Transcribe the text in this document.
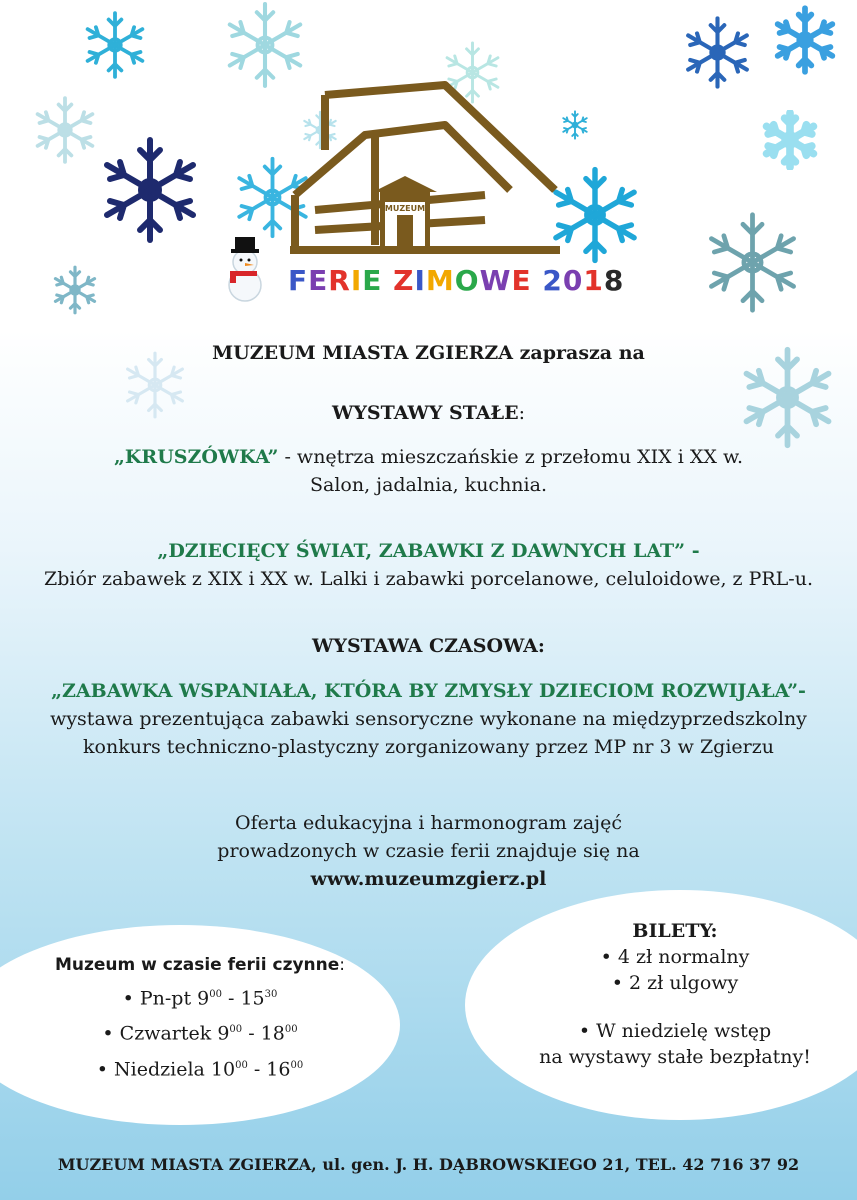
MUZEUM
FERIE ZIMOWE 2018
MUZEUM MIASTA ZGIERZA zaprasza na
WYSTAWY STAŁE:
„KRUSZÓWKA” - wnętrza mieszczańskie z przełomu XIX i XX w.
Salon, jadalnia, kuchnia.
„DZIECIĘCY ŚWIAT, ZABAWKI Z DAWNYCH LAT” -
Zbiór zabawek z XIX i XX w. Lalki i zabawki porcelanowe, celuloidowe, z PRL-u.
WYSTAWA CZASOWA:
„ZABAWKA WSPANIAŁA, KTÓRA BY ZMYSŁY DZIECIOM ROZWIJAŁA”-
wystawa prezentująca zabawki sensoryczne wykonane na międzyprzedszkolny
konkurs techniczno-plastyczny zorganizowany przez MP nr 3 w Zgierzu
Oferta edukacyjna i harmonogram zajęć
prowadzonych w czasie ferii znajduje się na
www.muzeumzgierz.pl
Muzeum w czasie ferii czynne:
• Pn-pt $9^{00} - 15^{30}$
• Czwartek $9^{00} - 18^{00}$
• Niedziela $10^{00} - 16^{00}$
BILETY:
• 4 zł normalny
• 2 zł ulgowy
• W niedzielę wstęp
na wystawy stałe bezpłatny!
MUZEUM MIASTA ZGIERZA, ul. gen. J. H. DĄBROWSKIEGO 21, TEL. 42 716 37 92
